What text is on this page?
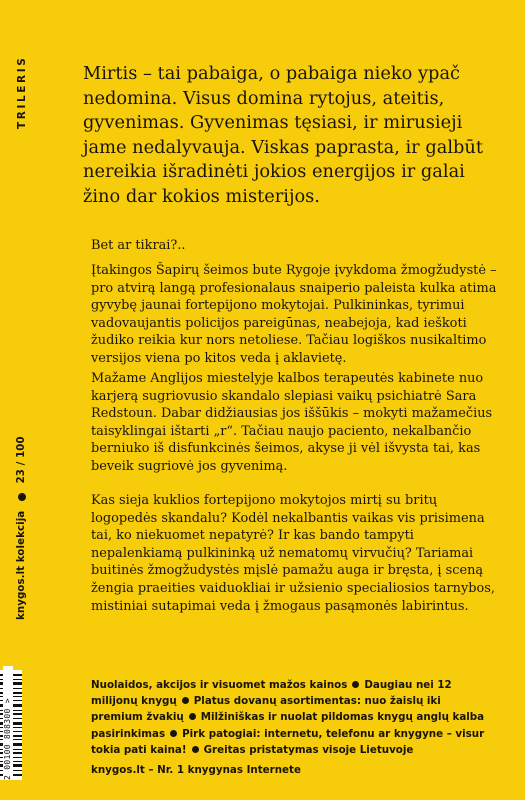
TRILERIS
knygos.lt kolekcija  23 / 100

Mirtis – tai pabaiga, o pabaiga nieko ypač nedomina. Visus domina rytojus, ateitis, gyvenimas. Gyvenimas tęsiasi, ir mirusieji jame nedalyvauja. Viskas paprasta, ir galbūt nereikia išradinėti jokios energijos ir galai žino dar kokios misterijos.

Bet ar tikrai?..

Įtakingos Šapirų šeimos bute Rygoje įvykdoma žmogžudystė – pro atvirą langą profesionalaus snaiperio paleista kulka atima gyvybę jaunai fortepijono mokytojai. Pulkininkas, tyrimui vadovaujantis policijos pareigūnas, neabejoja, kad ieškoti žudiko reikia kur nors netoliese. Tačiau logiškos nusikaltimo versijos viena po kitos veda į aklavietę.

Mažame Anglijos miestelyje kalbos terapeutės kabinete nuo karjerą sugriovusio skandalo slepiasi vaikų psichiatrė Sara Redstoun. Dabar didžiausias jos iššūkis – mokyti mažamečius taisyklingai ištarti „r“. Tačiau naujo paciento, nekalbančio berniuko iš disfunkcinės šeimos, akyse ji vėl išvysta tai, kas beveik sugriovė jos gyvenimą.

Kas sieja kuklios fortepijono mokytojos mirtį su britų logopedės skandalu? Kodėl nekalbantis vaikas vis prisimena tai, ko niekuomet nepatyrė? Ir kas bando tampyti nepalenkiamą pulkininką už nematomų virvučių? Tariamai buitinės žmogžudystės mįslė pamažu auga ir bręsta, į sceną žengia praeities vaiduokliai ir užsienio specialiosios tarnybos, mistiniai sutapimai veda į žmogaus pasąmonės labirintus.

Nuolaidos, akcijos ir visuomet mažos kainos Daugiau nei 12 milijonų knygų Platus dovanų asortimentas: nuo žaislų iki premium žvakių Milžiniškas ir nuolat pildomas knygų anglų kalba pasirinkimas Pirk patogiai: internetu, telefonu ar knygyne – visur tokia pati kaina! Greitas pristatymas visoje Lietuvoje

knygos.lt – Nr. 1 knygynas Internete

2 00100 808300 >
